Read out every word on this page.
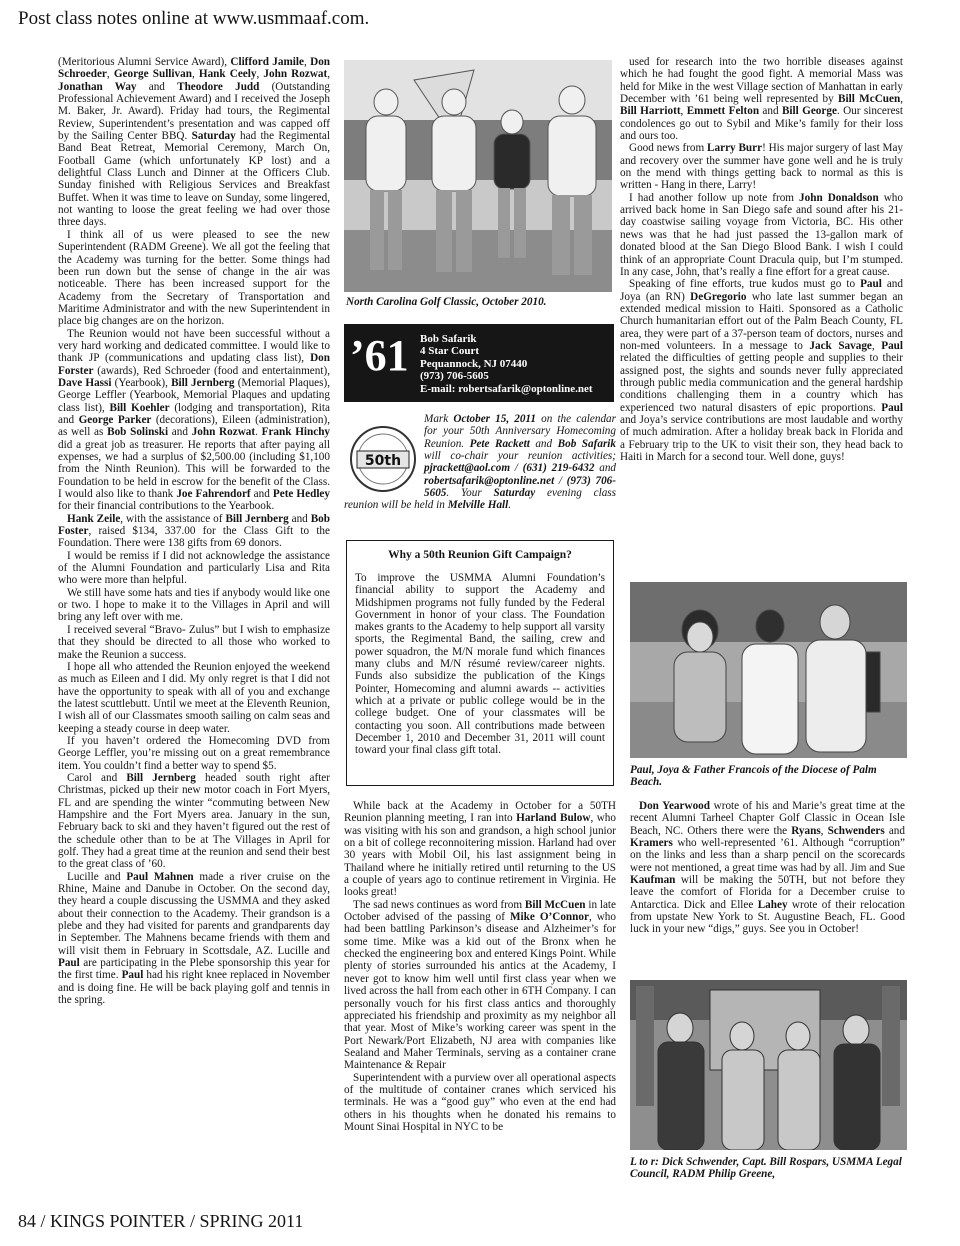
Post class notes online at www.usmmaaf.com.

(Meritorious Alumni Service Award), Clifford Jamile, Don Schroeder, George Sullivan, Hank Ceely, John Rozwat, Jonathan Way and Theodore Judd (Outstanding Professional Achievement Award) and I received the Joseph M. Baker, Jr. Award). Friday had tours, the Regimental Review, Superintendent’s presentation and was capped off by the Sailing Center BBQ. Saturday had the Regimental Band Beat Retreat, Memorial Ceremony, March On, Football Game (which unfortunately KP lost) and a delightful Class Lunch and Dinner at the Officers Club. Sunday finished with Religious Services and Breakfast Buffet. When it was time to leave on Sunday, some lingered, not wanting to loose the great feeling we had over those three days.

I think all of us were pleased to see the new Superintendent (RADM Greene). We all got the feeling that the Academy was turning for the better. Some things had been run down but the sense of change in the air was noticeable. There has been increased support for the Academy from the Secretary of Transportation and Maritime Administrator and with the new Superintendent in place big changes are on the horizon.

The Reunion would not have been successful without a very hard working and dedicated committee. I would like to thank JP (communications and updating class list), Don Forster (awards), Red Schroeder (food and entertainment), Dave Hassi (Yearbook), Bill Jernberg (Memorial Plaques), George Leffler (Yearbook, Memorial Plaques and updating class list), Bill Koehler (lodging and transportation), Rita and George Parker (decorations), Eileen (administration), as well as Bob Solinski and John Rozwat. Frank Hinchy did a great job as treasurer. He reports that after paying all expenses, we had a surplus of $2,500.00 (including $1,100 from the Ninth Reunion). This will be forwarded to the Foundation to be held in escrow for the benefit of the Class. I would also like to thank Joe Fahrendorf and Pete Hedley for their financial contributions to the Yearbook.

Hank Zeile, with the assistance of Bill Jernberg and Bob Foster, raised $134, 337.00 for the Class Gift to the Foundation. There were 138 gifts from 69 donors.

I would be remiss if I did not acknowledge the assistance of the Alumni Foundation and particularly Lisa and Rita who were more than helpful.

We still have some hats and ties if anybody would like one or two. I hope to make it to the Villages in April and will bring any left over with me.

I received several “Bravo- Zulus” but I wish to emphasize that they should be directed to all those who worked to make the Reunion a success.

I hope all who attended the Reunion enjoyed the weekend as much as Eileen and I did. My only regret is that I did not have the opportunity to speak with all of you and exchange the latest scuttlebutt. Until we meet at the Eleventh Reunion, I wish all of our Classmates smooth sailing on calm seas and keeping a steady course in deep water.

If you haven’t ordered the Homecoming DVD from George Leffler, you’re missing out on a great remembrance item. You couldn’t find a better way to spend $5.

Carol and Bill Jernberg headed south right after Christmas, picked up their new motor coach in Fort Myers, FL and are spending the winter “commuting between New Hampshire and the Fort Myers area. January in the sun, February back to ski and they haven’t figured out the rest of the schedule other than to be at The Villages in April for golf. They had a great time at the reunion and send their best to the great class of ’60.

Lucille and Paul Mahnen made a river cruise on the Rhine, Maine and Danube in October. On the second day, they heard a couple discussing the USMMA and they asked about their connection to the Academy. Their grandson is a plebe and they had visited for parents and grandparents day in September. The Mahnens became friends with them and will visit them in February in Scottsdale, AZ. Lucille and Paul are participating in the Plebe sponsorship this year for the first time. Paul had his right knee replaced in November and is doing fine. He will be back playing golf and tennis in the spring.

North Carolina Golf Classic, October 2010.
’61 Bob Safarik
4 Star Court
Pequannock, NJ 07440
(973) 706-5605
E-mail: robertsafarik@optonline.net
Mark October 15, 2011 on the calendar for your 50th Anniversary Homecoming Reunion. Pete Rackett and Bob Safarik will co-chair your reunion activities; pjrackett@aol.com / (631) 219-6432 and robertsafarik@optonline.net / (973) 706-5605. Your Saturday evening class reunion will be held in Melville Hall.
50th
Why a 50th Reunion Gift Campaign?
To improve the USMMA Alumni Foundation’s financial ability to support the Academy and Midshipmen programs not fully funded by the Federal Government in honor of your class. The Foundation makes grants to the Academy to help support all varsity sports, the Regimental Band, the sailing, crew and power squadron, the M/N morale fund which finances many clubs and M/N résumé review/career nights. Funds also subsidize the publication of the Kings Pointer, Homecoming and alumni awards -- activities which at a private or public college would be in the college budget. One of your classmates will be contacting you soon. All contributions made between December 1, 2010 and December 31, 2011 will count toward your final class gift total.

While back at the Academy in October for a 50TH Reunion planning meeting, I ran into Harland Bulow, who was visiting with his son and grandson, a high school junior on a bit of college reconnoitering mission. Harland had over 30 years with Mobil Oil, his last assignment being in Thailand where he initially retired until returning to the US a couple of years ago to continue retirement in Virginia. He looks great!

The sad news continues as word from Bill McCuen in late October advised of the passing of Mike O’Connor, who had been battling Parkinson’s disease and Alzheimer’s for some time. Mike was a kid out of the Bronx when he checked the engineering box and entered Kings Point. While plenty of stories surrounded his antics at the Academy, I never got to know him well until first class year when we lived across the hall from each other in 6TH Company. I can personally vouch for his first class antics and thoroughly appreciated his friendship and proximity as my neighbor all that year. Most of Mike’s working career was spent in the Port Newark/Port Elizabeth, NJ area with companies like Sealand and Maher Terminals, serving as a container crane Maintenance & Repair

Superintendent with a purview over all operational aspects of the multitude of container cranes which serviced his terminals. He was a “good guy” who even at the end had others in his thoughts when he donated his remains to Mount Sinai Hospital in NYC to be

used for research into the two horrible diseases against which he had fought the good fight. A memorial Mass was held for Mike in the west Village section of Manhattan in early December with ’61 being well represented by Bill McCuen, Bill Harriott, Emmett Felton and Bill George. Our sincerest condolences go out to Sybil and Mike’s family for their loss and ours too.

Good news from Larry Burr! His major surgery of last May and recovery over the summer have gone well and he is truly on the mend with things getting back to normal as this is written - Hang in there, Larry!

I had another follow up note from John Donaldson who arrived back home in San Diego safe and sound after his 21-day coastwise sailing voyage from Victoria, BC. His other news was that he had just passed the 13-gallon mark of donated blood at the San Diego Blood Bank. I wish I could think of an appropriate Count Dracula quip, but I’m stumped. In any case, John, that’s really a fine effort for a great cause.

Speaking of fine efforts, true kudos must go to Paul and Joya (an RN) DeGregorio who late last summer began an extended medical mission to Haiti. Sponsored as a Catholic Church humanitarian effort out of the Palm Beach County, FL area, they were part of a 37-person team of doctors, nurses and non-med volunteers. In a message to Jack Savage, Paul related the difficulties of getting people and supplies to their assigned post, the sights and sounds never fully appreciated through public media communication and the general hardship conditions challenging them in a country which has experienced two natural disasters of epic proportions. Paul and Joya’s service contributions are most laudable and worthy of much admiration. After a holiday break back in Florida and a February trip to the UK to visit their son, they head back to Haiti in March for a second tour. Well done, guys!

Paul, Joya & Father Francois of the Diocese of Palm Beach.

Don Yearwood wrote of his and Marie’s great time at the recent Alumni Tarheel Chapter Golf Classic in Ocean Isle Beach, NC. Others there were the Ryans, Schwenders and Kramers who well-represented ’61. Although “corruption” on the links and less than a sharp pencil on the scorecards were not mentioned, a great time was had by all. Jim and Sue Kaufman will be making the 50TH, but not before they leave the comfort of Florida for a December cruise to Antarctica. Dick and Ellee Lahey wrote of their relocation from upstate New York to St. Augustine Beach, FL. Good luck in your new “digs,” guys. See you in October!

L to r: Dick Schwender, Capt. Bill Rospars, USMMA Legal Council, RADM Philip Greene,
84 / KINGS POINTER / SPRING 2011
